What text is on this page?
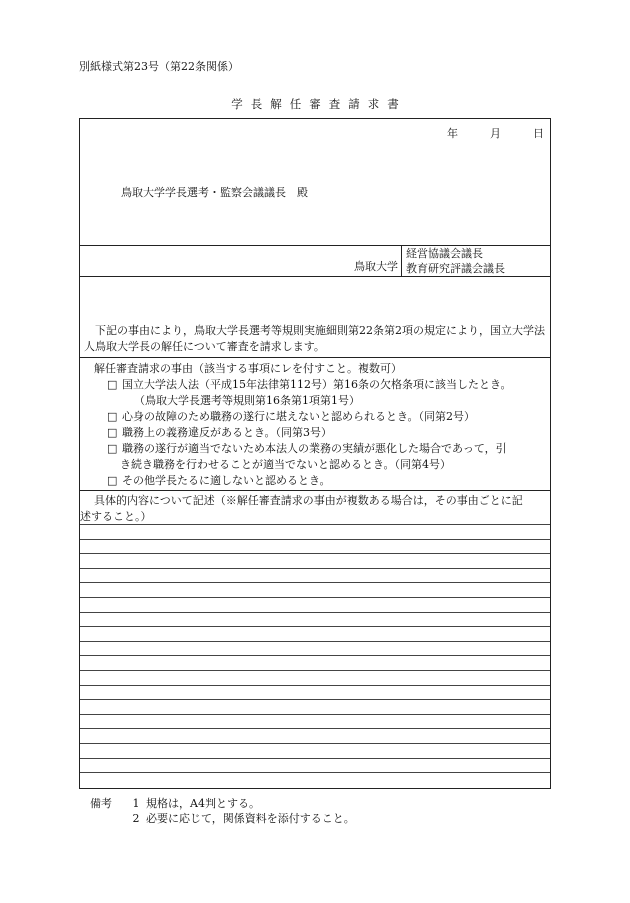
別紙様式第23号（第22条関係）
学長解任審査請求書
年	月	日
鳥取大学学長選考・監察会議議長　殿
鳥取大学
経営協議会議長
教育研究評議会議長
下記の事由により，鳥取大学長選考等規則実施細則第22条第2項の規定により，国立大学法人鳥取大学長の解任について審査を請求します。
解任審査請求の事由（該当する事項にレを付すこと。複数可）
□ 国立大学法人法（平成15年法律第112号）第16条の欠格条項に該当したとき。
（鳥取大学長選考等規則第16条第1項第1号）
□ 心身の故障のため職務の遂行に堪えないと認められるとき。（同第2号）
□ 職務上の義務違反があるとき。（同第3号）
□ 職務の遂行が適当でないため本法人の業務の実績が悪化した場合であって，引
き続き職務を行わせることが適当でないと認めるとき。（同第4号）
□ その他学長たるに適しないと認めるとき。
具体的内容について記述（※解任審査請求の事由が複数ある場合は，その事由ごとに記
述すること。）
備考	1 規格は，A4判とする。
2 必要に応じて，関係資料を添付すること。
